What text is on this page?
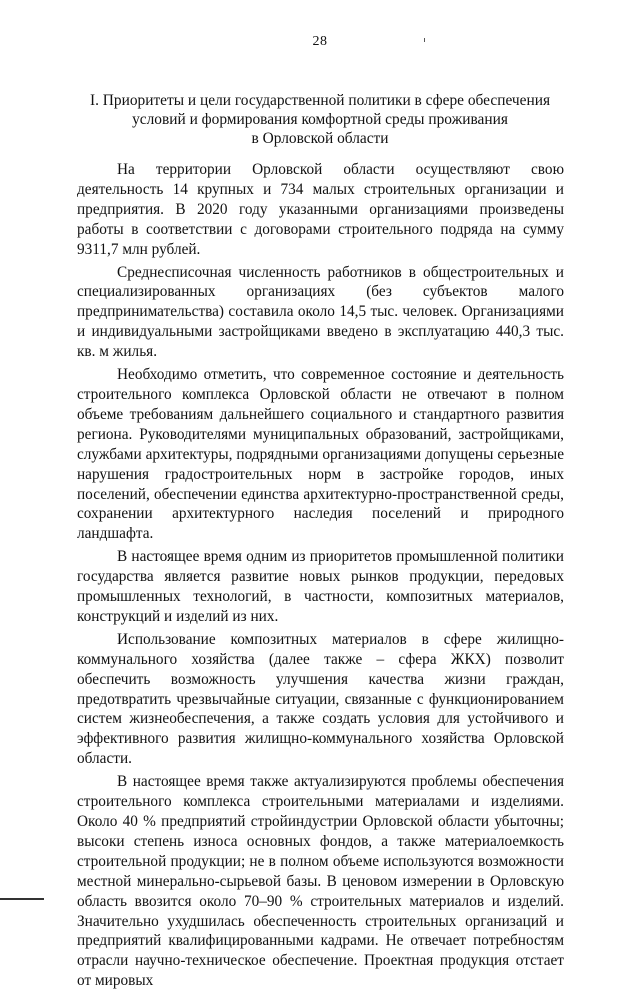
28
I. Приоритеты и цели государственной политики в сфере обеспечения
условий и формирования комфортной среды проживания
в Орловской области

На территории Орловской области осуществляют свою деятельность 14 крупных и 734 малых строительных организации и предприятия. В 2020 году указанными организациями произведены работы в соответствии с договорами строительного подряда на сумму 9311,7 млн рублей.

Среднесписочная численность работников в общестроительных и специализированных организациях (без субъектов малого предпринимательства) составила около 14,5 тыс. человек. Организациями и индивидуальными застройщиками введено в эксплуатацию 440,3 тыс. кв. м жилья.

Необходимо отметить, что современное состояние и деятельность строительного комплекса Орловской области не отвечают в полном объеме требованиям дальнейшего социального и стандартного развития региона. Руководителями муниципальных образований, застройщиками, службами архитектуры, подрядными организациями допущены серьезные нарушения градостроительных норм в застройке городов, иных поселений, обеспечении единства архитектурно-пространственной среды, сохранении архитектурного наследия поселений и природного ландшафта.

В настоящее время одним из приоритетов промышленной политики государства является развитие новых рынков продукции, передовых промышленных технологий, в частности, композитных материалов, конструкций и изделий из них.

Использование композитных материалов в сфере жилищно-коммунального хозяйства (далее также – сфера ЖКХ) позволит обеспечить возможность улучшения качества жизни граждан, предотвратить чрезвычайные ситуации, связанные с функционированием систем жизнеобеспечения, а также создать условия для устойчивого и эффективного развития жилищно-коммунального хозяйства Орловской области.

В настоящее время также актуализируются проблемы обеспечения строительного комплекса строительными материалами и изделиями. Около 40 % предприятий стройиндустрии Орловской области убыточны; высоки степень износа основных фондов, а также материалоемкость строительной продукции; не в полном объеме используются возможности местной минерально-сырьевой базы. В ценовом измерении в Орловскую область ввозится около 70–90 % строительных материалов и изделий. Значительно ухудшилась обеспеченность строительных организаций и предприятий квалифицированными кадрами. Не отвечает потребностям отрасли научно-техническое обеспечение. Проектная продукция отстает от мировых
